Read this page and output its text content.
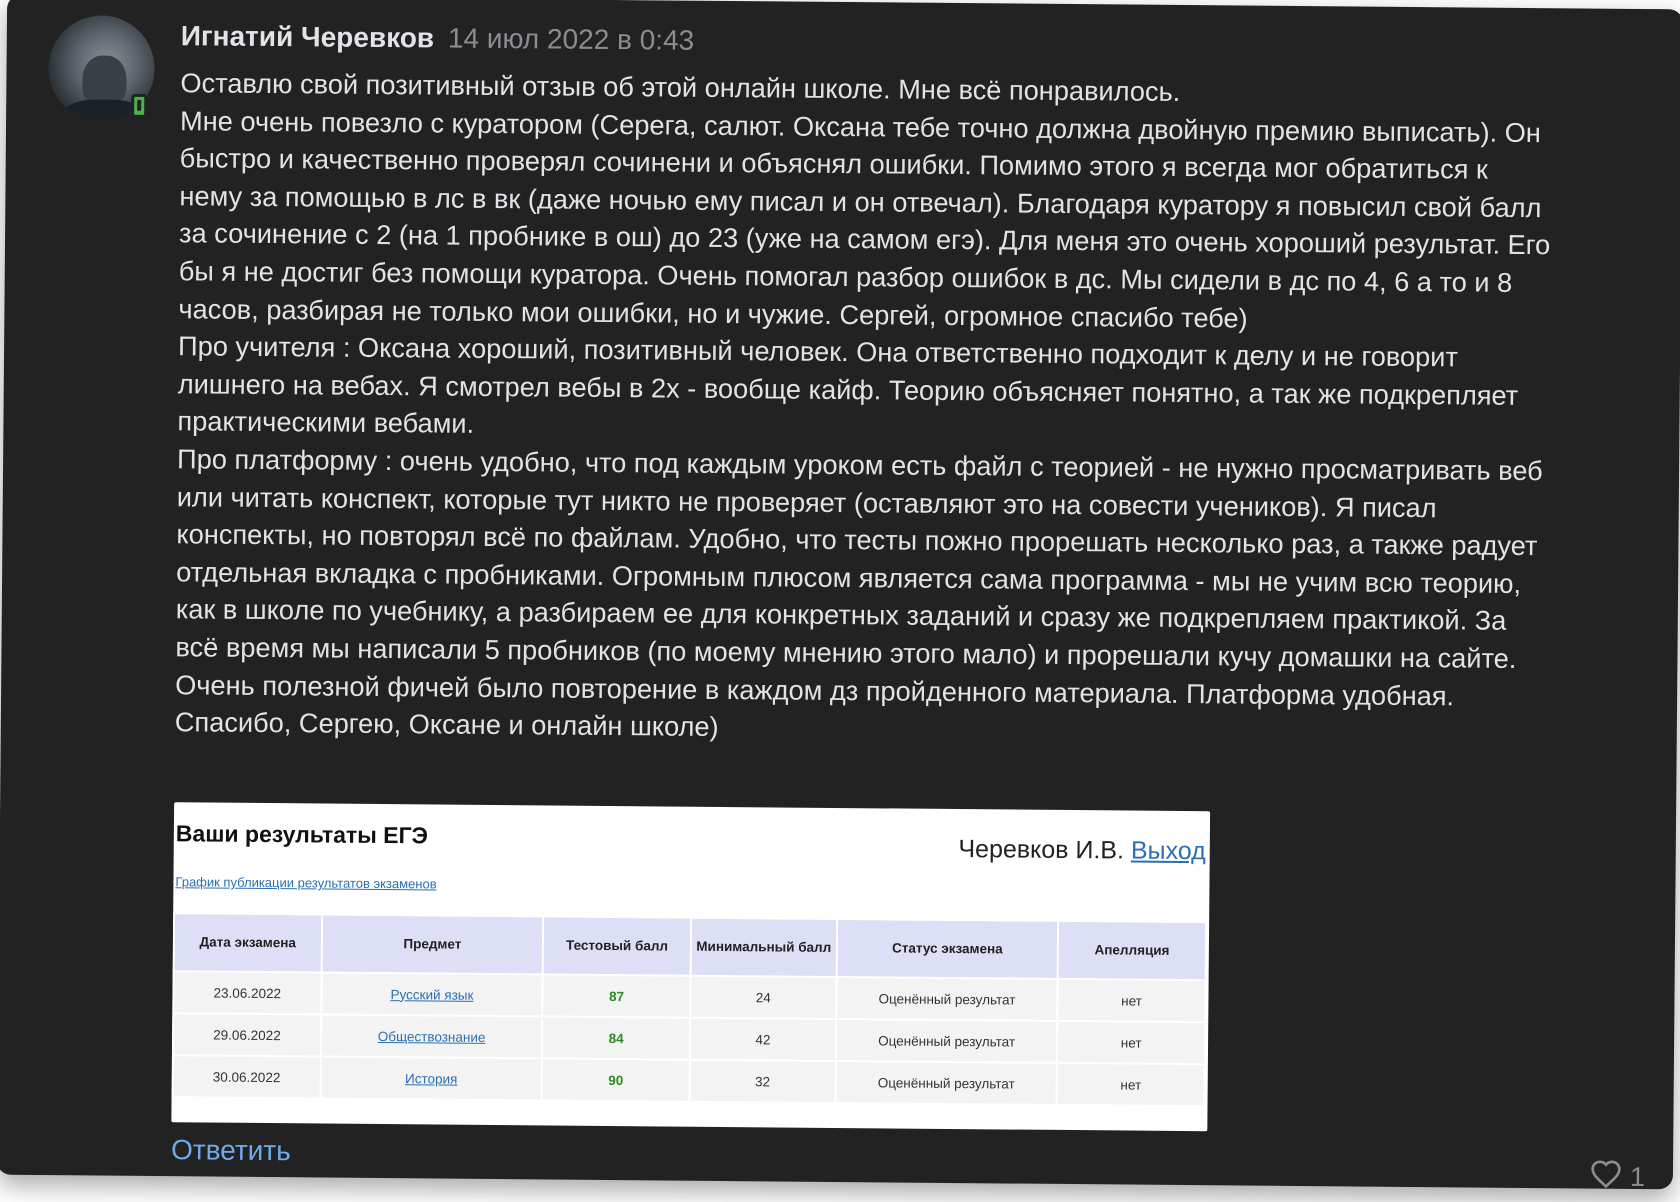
Игнатий Черевков 14 июл 2022 в 0:43

Оставлю свой позитивный отзыв об этой онлайн школе. Мне всё понравилось.

Мне очень повезло с куратором (Серега, салют. Оксана тебе точно должна двойную премию выписать). Он

быстро и качественно проверял сочинени и объяснял ошибки. Помимо этого я всегда мог обратиться к

нему за помощью в лс в вк (даже ночью ему писал и он отвечал). Благодаря куратору я повысил свой балл

за сочинение с 2 (на 1 пробнике в ош) до 23 (уже на самом егэ). Для меня это очень хороший результат. Его

бы я не достиг без помощи куратора. Очень помогал разбор ошибок в дс. Мы сидели в дс по 4, 6 а то и 8

часов, разбирая не только мои ошибки, но и чужие. Сергей, огромное спасибо тебе)

Про учителя : Оксана хороший, позитивный человек. Она ответственно подходит к делу и не говорит

лишнего на вебах. Я смотрел вебы в 2х - вообще кайф. Теорию объясняет понятно, а так же подкрепляет

практическими вебами.

Про платформу : очень удобно, что под каждым уроком есть файл с теорией - не нужно просматривать веб

или читать конспект, которые тут никто не проверяет (оставляют это на совести учеников). Я писал

конспекты, но повторял всё по файлам. Удобно, что тесты пожно прорешать несколько раз, а также радует

отдельная вкладка с пробниками. Огромным плюсом является сама программа - мы не учим всю теорию,

как в школе по учебнику, а разбираем ее для конкретных заданий и сразу же подкрепляем практикой. За

всё время мы написали 5 пробников (по моему мнению этого мало) и прорешали кучу домашки на сайте.

Очень полезной фичей было повторение в каждом дз пройденного материала. Платформа удобная.

Спасибо, Сергею, Оксане и онлайн школе)

Ваши результаты ЕГЭ
Черевков И.В. Выход
График публикации результатов экзаменов
Дата экзамена	Предмет	Тестовый балл	Минимальный балл	Статус экзамена	Апелляция
23.06.2022	Русский язык	87	24	Оценённый результат	нет
29.06.2022	Обществознание	84	42	Оценённый результат	нет
30.06.2022	История	90	32	Оценённый результат	нет
Ответить
1
